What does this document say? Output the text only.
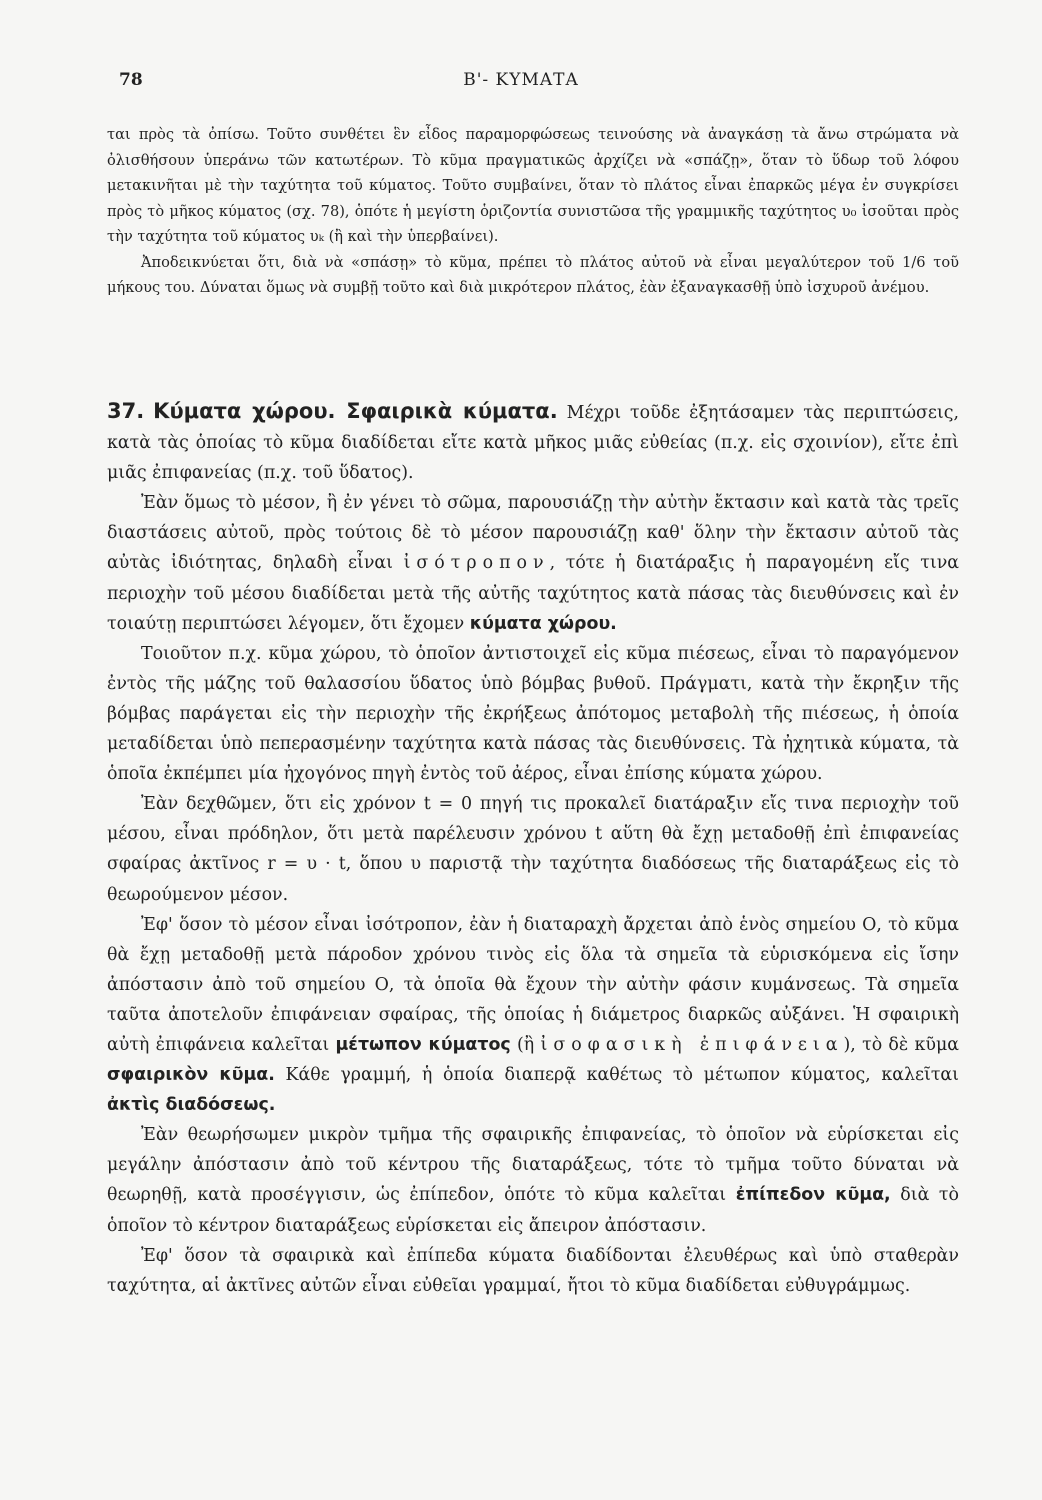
78	Β'- ΚΥΜΑΤΑ

ται πρὸς τὰ ὀπίσω. Τοῦτο συνθέτει ἓν εἶδος παραμορφώσεως τεινούσης νὰ ἀναγκάσῃ τὰ ἄνω στρώματα νὰ ὀλισθήσουν ὑπεράνω τῶν κατωτέρων. Τὸ κῦμα πραγματικῶς ἀρχίζει νὰ «σπάζῃ», ὅταν τὸ ὕδωρ τοῦ λόφου μετακινῆται μὲ τὴν ταχύτητα τοῦ κύματος. Τοῦτο συμβαίνει, ὅταν τὸ πλάτος εἶναι ἐπαρκῶς μέγα ἐν συγκρίσει πρὸς τὸ μῆκος κύματος (σχ. 78), ὁπότε ἡ μεγίστη ὁριζοντία συνιστῶσα τῆς γραμμικῆς ταχύτητος υ₀ ἰσοῦται πρὸς τὴν ταχύτητα τοῦ κύματος υₖ (ἢ καὶ τὴν ὑπερβαίνει).

Ἀποδεικνύεται ὅτι, διὰ νὰ «σπάσῃ» τὸ κῦμα, πρέπει τὸ πλάτος αὐτοῦ νὰ εἶναι μεγαλύτερον τοῦ 1/6 τοῦ μήκους του. Δύναται ὅμως νὰ συμβῇ τοῦτο καὶ διὰ μικρότερον πλάτος, ἐὰν ἐξαναγκασθῇ ὑπὸ ἰσχυροῦ ἀνέμου.

37. Κύματα χώρου. Σφαιρικὰ κύματα. Μέχρι τοῦδε ἐξητάσαμεν τὰς περιπτώσεις, κατὰ τὰς ὁποίας τὸ κῦμα διαδίδεται εἴτε κατὰ μῆκος μιᾶς εὐθείας (π.χ. εἰς σχοινίον), εἴτε ἐπὶ μιᾶς ἐπιφανείας (π.χ. τοῦ ὕδατος).

Ἐὰν ὅμως τὸ μέσον, ἢ ἐν γένει τὸ σῶμα, παρουσιάζῃ τὴν αὐτὴν ἔκτασιν καὶ κατὰ τὰς τρεῖς διαστάσεις αὐτοῦ, πρὸς τούτοις δὲ τὸ μέσον παρουσιάζῃ καθ' ὅλην τὴν ἔκτασιν αὐτοῦ τὰς αὐτὰς ἰδιότητας, δηλαδὴ εἶναι ἰσότροπον, τότε ἡ διατάραξις ἡ παραγομένη εἴς τινα περιοχὴν τοῦ μέσου διαδίδεται μετὰ τῆς αὐτῆς ταχύτητος κατὰ πάσας τὰς διευθύνσεις καὶ ἐν τοιαύτῃ περιπτώσει λέγομεν, ὅτι ἔχομεν κύματα χώρου.

Τοιοῦτον π.χ. κῦμα χώρου, τὸ ὁποῖον ἀντιστοιχεῖ εἰς κῦμα πιέσεως, εἶναι τὸ παραγόμενον ἐντὸς τῆς μάζης τοῦ θαλασσίου ὕδατος ὑπὸ βόμβας βυθοῦ. Πράγματι, κατὰ τὴν ἔκρηξιν τῆς βόμβας παράγεται εἰς τὴν περιοχὴν τῆς ἐκρήξεως ἀπότομος μεταβολὴ τῆς πιέσεως, ἡ ὁποία μεταδίδεται ὑπὸ πεπερασμένην ταχύτητα κατὰ πάσας τὰς διευθύνσεις. Τὰ ἠχητικὰ κύματα, τὰ ὁποῖα ἐκπέμπει μία ἠχογόνος πηγὴ ἐντὸς τοῦ ἀέρος, εἶναι ἐπίσης κύματα χώρου.

Ἐὰν δεχθῶμεν, ὅτι εἰς χρόνον t = 0 πηγή τις προκαλεῖ διατάραξιν εἴς τινα περιοχὴν τοῦ μέσου, εἶναι πρόδηλον, ὅτι μετὰ παρέλευσιν χρόνου t αὕτη θὰ ἔχῃ μεταδοθῇ ἐπὶ ἐπιφανείας σφαίρας ἀκτῖνος r = υ · t, ὅπου υ παριστᾷ τὴν ταχύτητα διαδόσεως τῆς διαταράξεως εἰς τὸ θεωρούμενον μέσον.

Ἐφ' ὅσον τὸ μέσον εἶναι ἰσότροπον, ἐὰν ἡ διαταραχὴ ἄρχεται ἀπὸ ἑνὸς σημείου Ο, τὸ κῦμα θὰ ἔχῃ μεταδοθῇ μετὰ πάροδον χρόνου τινὸς εἰς ὅλα τὰ σημεῖα τὰ εὑρισκόμενα εἰς ἴσην ἀπόστασιν ἀπὸ τοῦ σημείου Ο, τὰ ὁποῖα θὰ ἔχουν τὴν αὐτὴν φάσιν κυμάνσεως. Τὰ σημεῖα ταῦτα ἀποτελοῦν ἐπιφάνειαν σφαίρας, τῆς ὁποίας ἡ διάμετρος διαρκῶς αὐξάνει. Ἡ σφαιρικὴ αὐτὴ ἐπιφάνεια καλεῖται μέτωπον κύματος (ἢ ἰσοφασικὴ ἐπιφάνεια), τὸ δὲ κῦμα σφαιρικὸν κῦμα. Κάθε γραμμή, ἡ ὁποία διαπερᾷ καθέτως τὸ μέτωπον κύματος, καλεῖται ἀκτὶς διαδόσεως.

Ἐὰν θεωρήσωμεν μικρὸν τμῆμα τῆς σφαιρικῆς ἐπιφανείας, τὸ ὁποῖον νὰ εὑρίσκεται εἰς μεγάλην ἀπόστασιν ἀπὸ τοῦ κέντρου τῆς διαταράξεως, τότε τὸ τμῆμα τοῦτο δύναται νὰ θεωρηθῇ, κατὰ προσέγγισιν, ὡς ἐπίπεδον, ὁπότε τὸ κῦμα καλεῖται ἐπίπεδον κῦμα, διὰ τὸ ὁποῖον τὸ κέντρον διαταράξεως εὑρίσκεται εἰς ἄπειρον ἀπόστασιν.

Ἐφ' ὅσον τὰ σφαιρικὰ καὶ ἐπίπεδα κύματα διαδίδονται ἐλευθέρως καὶ ὑπὸ σταθερὰν ταχύτητα, αἱ ἀκτῖνες αὐτῶν εἶναι εὐθεῖαι γραμμαί, ἤτοι τὸ κῦμα διαδίδεται εὐθυγράμμως.
